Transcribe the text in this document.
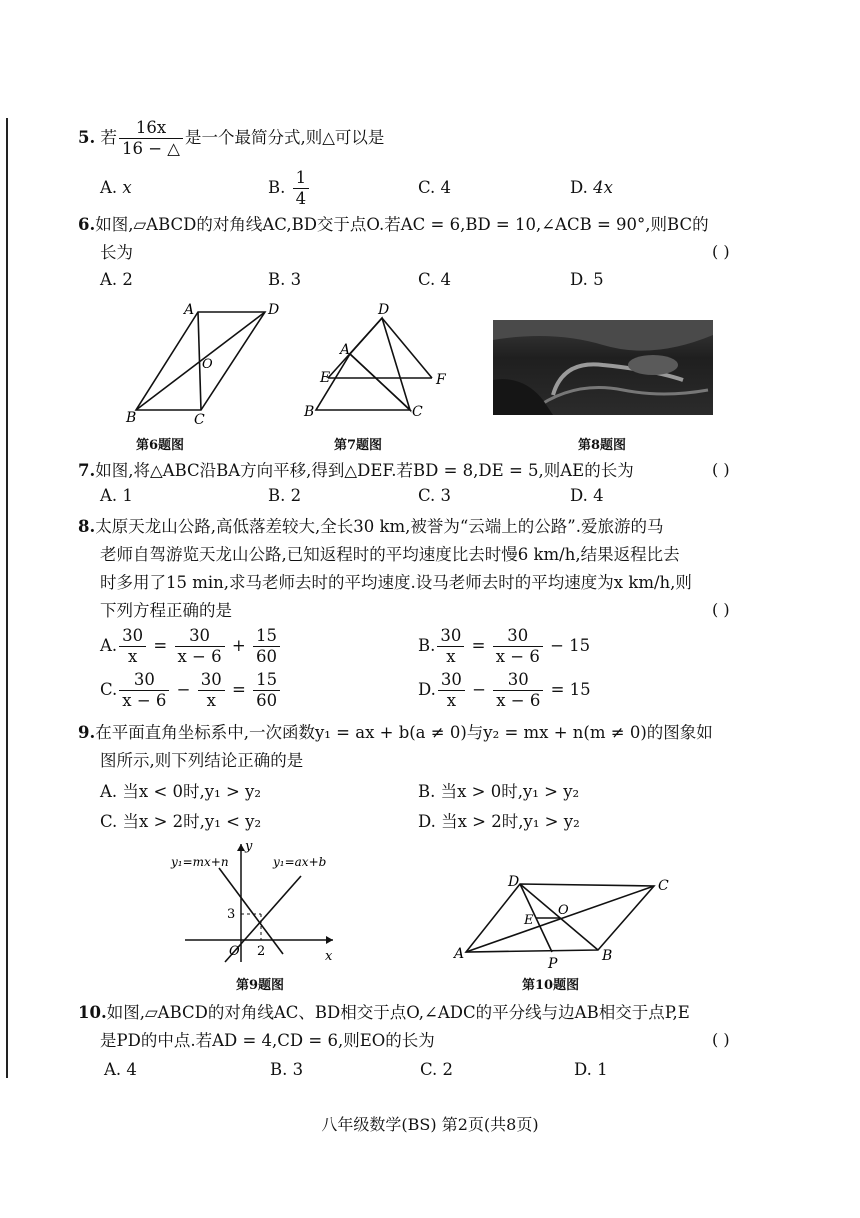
5. 若 $\frac{16x}{16 - \triangle}$ 是一个最简分式,则△可以是
A. x	B. $\frac{1}{4}$	C. 4	D. 4x
6.如图,▱ABCD的对角线AC,BD交于点O.若AC = 6,BD = 10,∠ACB = 90°,则BC的
长为	( )
A. 2	B. 3	C. 4	D. 5
A	D
B	C
O
第6题图
D
A
E	F
B	C
第7题图	第8题图
7.如图,将△ABC沿BA方向平移,得到△DEF.若BD = 8,DE = 5,则AE的长为	( )
A. 1	B. 2	C. 3	D. 4
8.太原天龙山公路,高低落差较大,全长30 km,被誉为“云端上的公路”.爱旅游的马
老师自驾游览天龙山公路,已知返程时的平均速度比去时慢6 km/h,结果返程比去
时多用了15 min,求马老师去时的平均速度.设马老师去时的平均速度为x km/h,则
下列方程正确的是	( )
A. $\frac{30}{x} = \frac{30}{x - 6} + \frac{15}{60}$	B. $\frac{30}{x} = \frac{30}{x - 6} - 15$
C. $\frac{30}{x - 6} - \frac{30}{x} = \frac{15}{60}$	D. $\frac{30}{x} - \frac{30}{x - 6} = 15$
9.在平面直角坐标系中,一次函数y₁ = ax + b(a ≠ 0)与y₂ = mx + n(m ≠ 0)的图象如
图所示,则下列结论正确的是
A. 当x < 0时,y₁ > y₂	B. 当x > 0时,y₁ > y₂
C. 当x > 2时,y₁ < y₂	D. 当x > 2时,y₁ > y₂
y
x
O
3
2
y₁=mx+n	y₁=ax+b
第9题图
D	C
A	B
P
E
O
第10题图
10.如图,▱ABCD的对角线AC、BD相交于点O,∠ADC的平分线与边AB相交于点P,E
是PD的中点.若AD = 4,CD = 6,则EO的长为	( )
A. 4	B. 3	C. 2	D. 1
八年级数学(BS) 第2页(共8页)
